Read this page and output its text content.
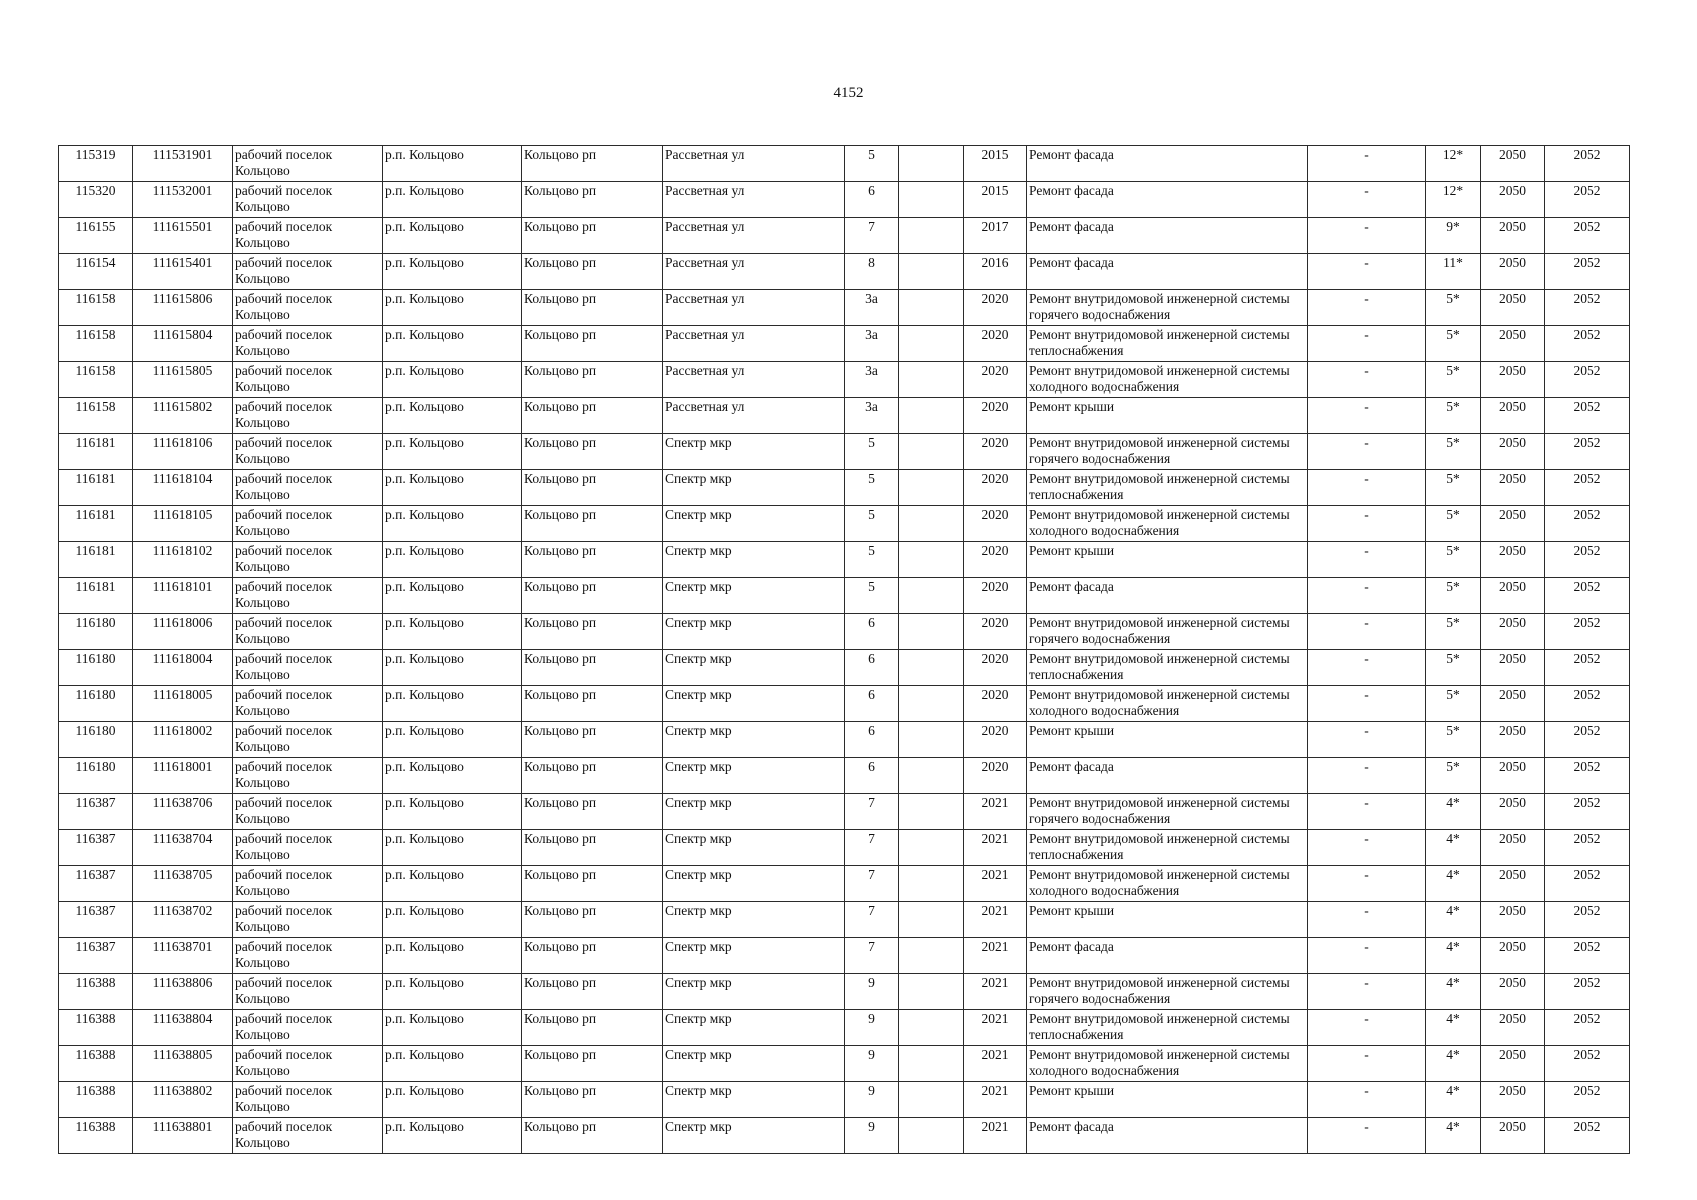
4152
115319	111531901	рабочий поселок Кольцово	р.п. Кольцово	Кольцово рп	Рассветная ул	5		2015	Ремонт фасада	-	12*	2050	2052
115320	111532001	рабочий поселок Кольцово	р.п. Кольцово	Кольцово рп	Рассветная ул	6		2015	Ремонт фасада	-	12*	2050	2052
116155	111615501	рабочий поселок Кольцово	р.п. Кольцово	Кольцово рп	Рассветная ул	7		2017	Ремонт фасада	-	9*	2050	2052
116154	111615401	рабочий поселок Кольцово	р.п. Кольцово	Кольцово рп	Рассветная ул	8		2016	Ремонт фасада	-	11*	2050	2052
116158	111615806	рабочий поселок Кольцово	р.п. Кольцово	Кольцово рп	Рассветная ул	3а		2020	Ремонт внутридомовой инженерной системы горячего водоснабжения	-	5*	2050	2052
116158	111615804	рабочий поселок Кольцово	р.п. Кольцово	Кольцово рп	Рассветная ул	3а		2020	Ремонт внутридомовой инженерной системы теплоснабжения	-	5*	2050	2052
116158	111615805	рабочий поселок Кольцово	р.п. Кольцово	Кольцово рп	Рассветная ул	3а		2020	Ремонт внутридомовой инженерной системы холодного водоснабжения	-	5*	2050	2052
116158	111615802	рабочий поселок Кольцово	р.п. Кольцово	Кольцово рп	Рассветная ул	3а		2020	Ремонт крыши	-	5*	2050	2052
116181	111618106	рабочий поселок Кольцово	р.п. Кольцово	Кольцово рп	Спектр мкр	5		2020	Ремонт внутридомовой инженерной системы горячего водоснабжения	-	5*	2050	2052
116181	111618104	рабочий поселок Кольцово	р.п. Кольцово	Кольцово рп	Спектр мкр	5		2020	Ремонт внутридомовой инженерной системы теплоснабжения	-	5*	2050	2052
116181	111618105	рабочий поселок Кольцово	р.п. Кольцово	Кольцово рп	Спектр мкр	5		2020	Ремонт внутридомовой инженерной системы холодного водоснабжения	-	5*	2050	2052
116181	111618102	рабочий поселок Кольцово	р.п. Кольцово	Кольцово рп	Спектр мкр	5		2020	Ремонт крыши	-	5*	2050	2052
116181	111618101	рабочий поселок Кольцово	р.п. Кольцово	Кольцово рп	Спектр мкр	5		2020	Ремонт фасада	-	5*	2050	2052
116180	111618006	рабочий поселок Кольцово	р.п. Кольцово	Кольцово рп	Спектр мкр	6		2020	Ремонт внутридомовой инженерной системы горячего водоснабжения	-	5*	2050	2052
116180	111618004	рабочий поселок Кольцово	р.п. Кольцово	Кольцово рп	Спектр мкр	6		2020	Ремонт внутридомовой инженерной системы теплоснабжения	-	5*	2050	2052
116180	111618005	рабочий поселок Кольцово	р.п. Кольцово	Кольцово рп	Спектр мкр	6		2020	Ремонт внутридомовой инженерной системы холодного водоснабжения	-	5*	2050	2052
116180	111618002	рабочий поселок Кольцово	р.п. Кольцово	Кольцово рп	Спектр мкр	6		2020	Ремонт крыши	-	5*	2050	2052
116180	111618001	рабочий поселок Кольцово	р.п. Кольцово	Кольцово рп	Спектр мкр	6		2020	Ремонт фасада	-	5*	2050	2052
116387	111638706	рабочий поселок Кольцово	р.п. Кольцово	Кольцово рп	Спектр мкр	7		2021	Ремонт внутридомовой инженерной системы горячего водоснабжения	-	4*	2050	2052
116387	111638704	рабочий поселок Кольцово	р.п. Кольцово	Кольцово рп	Спектр мкр	7		2021	Ремонт внутридомовой инженерной системы теплоснабжения	-	4*	2050	2052
116387	111638705	рабочий поселок Кольцово	р.п. Кольцово	Кольцово рп	Спектр мкр	7		2021	Ремонт внутридомовой инженерной системы холодного водоснабжения	-	4*	2050	2052
116387	111638702	рабочий поселок Кольцово	р.п. Кольцово	Кольцово рп	Спектр мкр	7		2021	Ремонт крыши	-	4*	2050	2052
116387	111638701	рабочий поселок Кольцово	р.п. Кольцово	Кольцово рп	Спектр мкр	7		2021	Ремонт фасада	-	4*	2050	2052
116388	111638806	рабочий поселок Кольцово	р.п. Кольцово	Кольцово рп	Спектр мкр	9		2021	Ремонт внутридомовой инженерной системы горячего водоснабжения	-	4*	2050	2052
116388	111638804	рабочий поселок Кольцово	р.п. Кольцово	Кольцово рп	Спектр мкр	9		2021	Ремонт внутридомовой инженерной системы теплоснабжения	-	4*	2050	2052
116388	111638805	рабочий поселок Кольцово	р.п. Кольцово	Кольцово рп	Спектр мкр	9		2021	Ремонт внутридомовой инженерной системы холодного водоснабжения	-	4*	2050	2052
116388	111638802	рабочий поселок Кольцово	р.п. Кольцово	Кольцово рп	Спектр мкр	9		2021	Ремонт крыши	-	4*	2050	2052
116388	111638801	рабочий поселок Кольцово	р.п. Кольцово	Кольцово рп	Спектр мкр	9		2021	Ремонт фасада	-	4*	2050	2052
